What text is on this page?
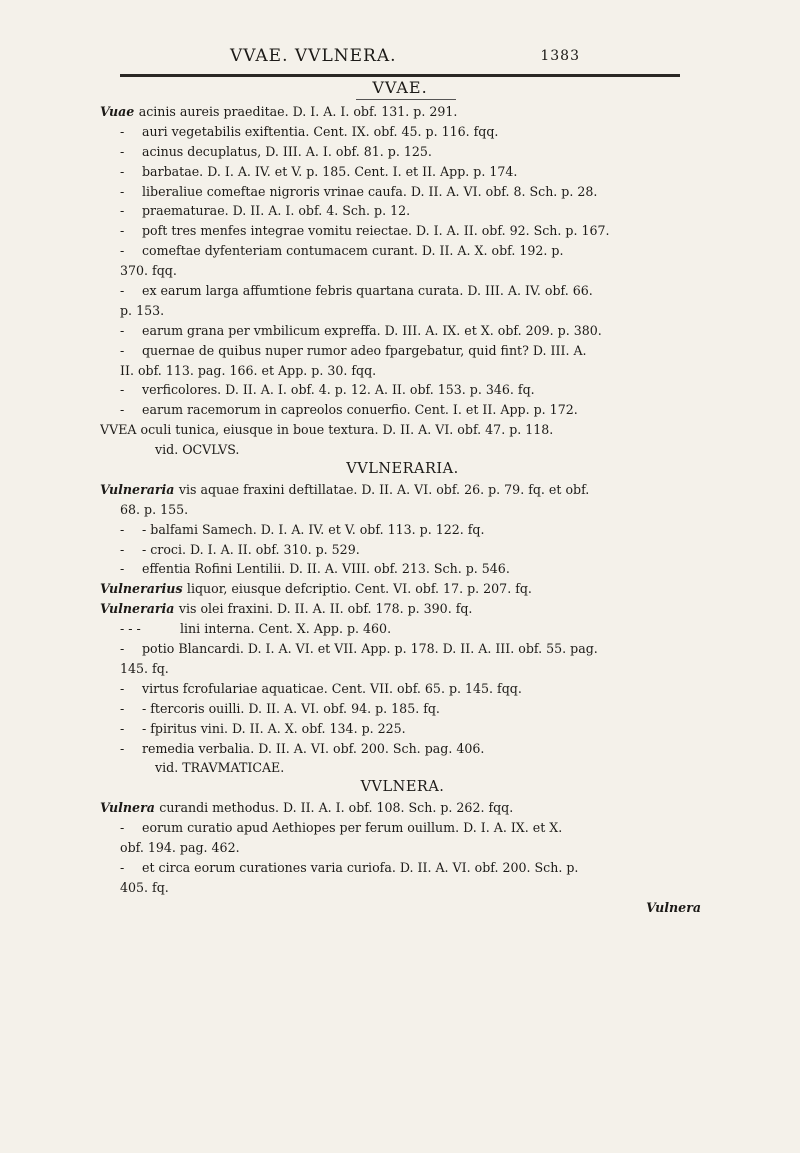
VVAE. VVLNERA.	1383
VVAE.
Vuae acinis aureis praeditae. D. I. A. I. obf. 131. p. 291.
- auri vegetabilis exiftentia. Cent. IX. obf. 45. p. 116. fqq.
- acinus decuplatus, D. III. A. I. obf. 81. p. 125.
- barbatae. D. I. A. IV. et V. p. 185. Cent. I. et II. App. p. 174.
- liberaliue comeftae nigroris vrinae caufa. D. II. A. VI. obf. 8. Sch. p. 28.
- praematurae. D. II. A. I. obf. 4. Sch. p. 12.
- poft tres menfes integrae vomitu reiectae. D. I. A. II. obf. 92. Sch. p. 167.
- comeftae dyfenteriam contumacem curant. D. II. A. X. obf. 192. p.
370. fqq.
- ex earum larga affumtione febris quartana curata. D. III. A. IV. obf. 66.
p. 153.
- earum grana per vmbilicum expreffa. D. III. A. IX. et X. obf. 209. p. 380.
- quernae de quibus nuper rumor adeo fpargebatur, quid fint? D. III. A.
II. obf. 113. pag. 166. et App. p. 30. fqq.
- verficolores. D. II. A. I. obf. 4. p. 12. A. II. obf. 153. p. 346. fq.
- earum racemorum in capreolos conuerfio. Cent. I. et II. App. p. 172.
VVEA oculi tunica, eiusque in boue textura. D. II. A. VI. obf. 47. p. 118.
vid. OCVLVS.
VVLNERARIA.
Vulneraria vis aquae fraxini deftillatae. D. II. A. VI. obf. 26. p. 79. fq. et obf.
68. p. 155.
- - balfami Samech. D. I. A. IV. et V. obf. 113. p. 122. fq.
- - croci. D. I. A. II. obf. 310. p. 529.
- effentia Rofini Lentilii. D. II. A. VIII. obf. 213. Sch. p. 546.
Vulnerarius liquor, eiusque defcriptio. Cent. VI. obf. 17. p. 207. fq.
Vulneraria vis olei fraxini. D. II. A. II. obf. 178. p. 390. fq.
- - -	lini interna. Cent. X. App. p. 460.
- potio Blancardi. D. I. A. VI. et VII. App. p. 178. D. II. A. III. obf. 55. pag.
145. fq.
- virtus fcrofulariae aquaticae. Cent. VII. obf. 65. p. 145. fqq.
- - ftercoris ouilli. D. II. A. VI. obf. 94. p. 185. fq.
- - fpiritus vini. D. II. A. X. obf. 134. p. 225.
- remedia verbalia. D. II. A. VI. obf. 200. Sch. pag. 406.
vid. TRAVMATICAE.
VVLNERA.
Vulnera curandi methodus. D. II. A. I. obf. 108. Sch. p. 262. fqq.
- eorum curatio apud Aethiopes per ferum ouillum. D. I. A. IX. et X.
obf. 194. pag. 462.
- et circa eorum curationes varia curiofa. D. II. A. VI. obf. 200. Sch. p.
405. fq.
Vulnera
